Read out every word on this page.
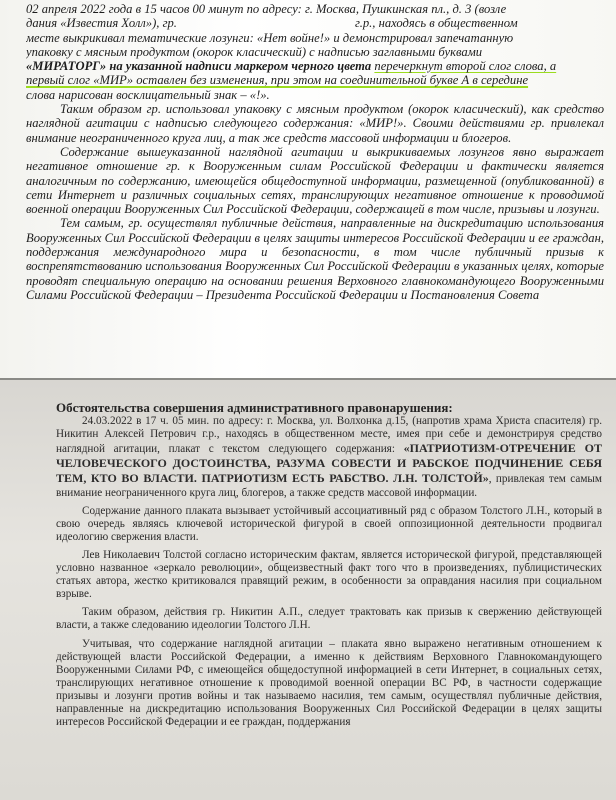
02 апреля 2022 года в 15 часов 00 минут по адресу: г. Москва, Пушкинская пл., д. 3 (возле
дания «Известия Холл»), гр.	г.р., находясь в общественном
месте выкрикивал тематические лозунги: «Нет войне!» и демонстрировал запечатанную
упаковку с мясным продуктом (окорок класический) с надписью заглавными буквами
«МИРАТОРГ» на указанной надписи маркером черного цвета перечеркнут второй слог слова, а
первый слог «МИР» оставлен без изменения, при этом на соединительной букве А в середине
слова нарисован восклицательный знак – «!».

Таким образом гр. использовал упаковку с мясным продуктом (окорок класический), как средство наглядной агитации с надписью следующего содержания: «МИР!». Своими действиями гр. привлекал внимание неограниченного круга лиц, а так же средств массовой информации и блогеров.

Содержание вышеуказанной наглядной агитации и выкрикиваемых лозунгов явно выражает негативное отношение гр. к Вооруженным силам Российской Федерации и фактически является аналогичным по содержанию, имеющейся общедоступной информации, размещенной (опубликованной) в сети Интернет и различных социальных сетях, транслирующих негативное отношение к проводимой военной операции Вооруженных Сил Российской Федерации, содержащей в том числе, призывы и лозунги.

Тем самым, гр. осуществлял публичные действия, направленные на дискредитацию использования Вооруженных Сил Российской Федерации в целях защиты интересов Российской Федерации и ее граждан, поддержания международного мира и безопасности, в том числе публичный призыв к воспрепятствованию использования Вооруженных Сил Российской Федерации в указанных целях, которые проводят специальную операцию на основании решения Верховного главнокомандующего Вооруженными Силами Российской Федерации – Президента Российской Федерации и Постановления Совета

Обстоятельства совершения административного правонарушения:

24.03.2022 в 17 ч. 05 мин. по адресу: г. Москва, ул. Волхонка д.15, (напротив храма Христа спасителя) гр. Никитин Алексей Петрович г.р., находясь в общественном месте, имея при себе и демонстрируя средство наглядной агитации, плакат с текстом следующего содержания: «ПАТРИОТИЗМ-ОТРЕЧЕНИЕ ОТ ЧЕЛОВЕЧЕСКОГО ДОСТОИНСТВА, РАЗУМА СОВЕСТИ И РАБСКОЕ ПОДЧИНЕНИЕ СЕБЯ ТЕМ, КТО ВО ВЛАСТИ. ПАТРИОТИЗМ ЕСТЬ РАБСТВО. Л.Н. ТОЛСТОЙ», привлекая тем самым внимание неограниченного круга лиц, блогеров, а также средств массовой информации.

Содержание данного плаката вызывает устойчивый ассоциативный ряд с образом Толстого Л.Н., который в свою очередь являясь ключевой исторической фигурой в своей оппозиционной деятельности продвигал идеологию свержения власти.

Лев Николаевич Толстой согласно историческим фактам, является исторической фигурой, представляющей условно названное «зеркало революции», общеизвестный факт того что в произведениях, публицистических статьях автора, жестко критиковался правящий режим, в особенности за оправдания насилия при социальном взрыве.

Таким образом, действия гр. Никитин А.П., следует трактовать как призыв к свержению действующей власти, а также следованию идеологии Толстого Л.Н.

Учитывая, что содержание наглядной агитации – плаката явно выражено негативным отношением к действующей власти Российской Федерации, а именно к действиям Верховного Главнокомандующего Вооруженными Силами РФ, с имеющейся общедоступной информацией в сети Интернет, в социальных сетях, транслирующих негативное отношение к проводимой военной операции ВС РФ, в частности содержащие призывы и лозунги против войны и так называемо насилия, тем самым, осуществлял публичные действия, направленные на дискредитацию использования Вооруженных Сил Российской Федерации в целях защиты интересов Российской Федерации и ее граждан, поддержания
